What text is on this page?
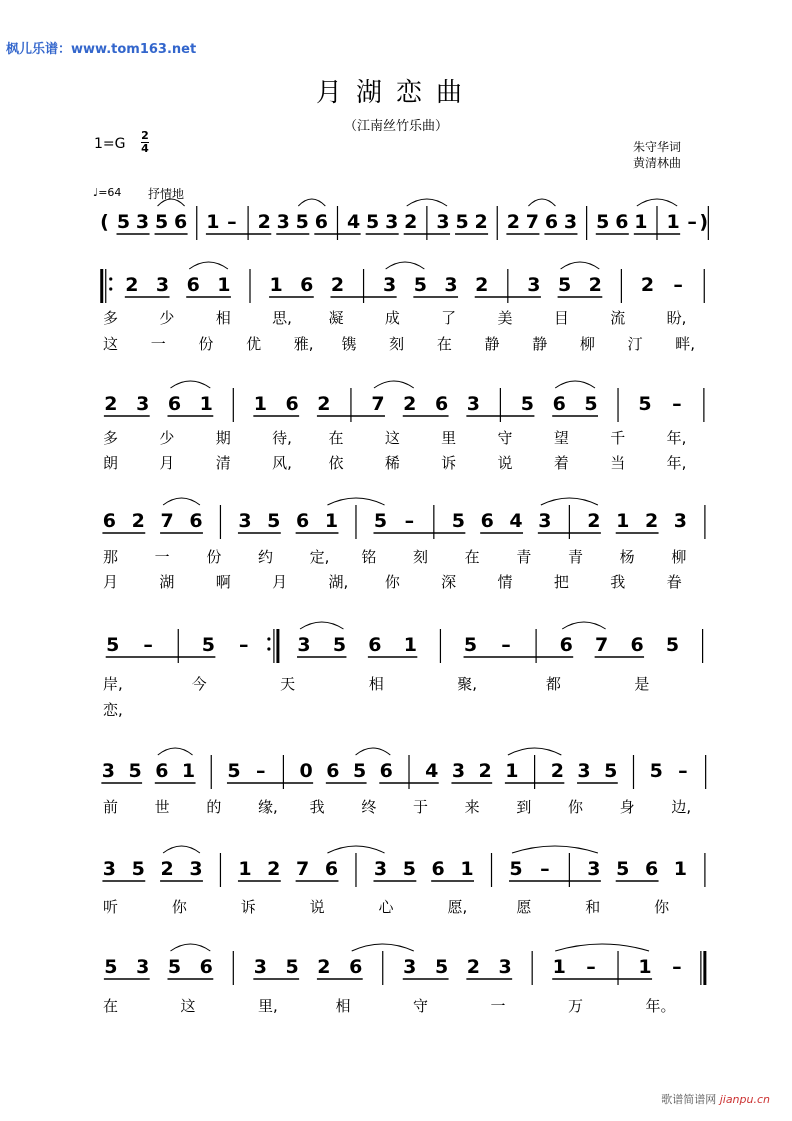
枫儿乐谱：www.tom163.net
月湖恋曲
（江南丝竹乐曲）
1=G
2
4	朱守华词
黄清林曲
♩=64 抒情地
( 5 3 5 6 1 – 2 3 5 6 4 5 3 2 3 5 2 2 7 6 3 5 6 1 1 – )
2 3 6 1 1 6 2 3 5 3 2 3 5 2 2 –
多	少	相	思, 凝	成	了	美	目	流	盼,
这 一 份 优 雅, 镌 刻 在 静 静 柳 汀 畔,
2 3 6 1 1 6 2 7 2 6 3 5 6 5 5 –
多	少	期	待, 在	这	里	守	望	千	年,
朗	月	清	风, 依	稀	诉	说	着	当	年,
6 2 7 6 3 5 6 1 5 – 5 6 4 3 2 1 2 3
那 一 份 约 定, 铭 刻 在 青 青 杨 柳
月	湖	啊	月	湖, 你	深	情	把	我	眷
5 –	5 –	3 5 6 1 5 –	6 7 6 5
岸,	今	天	相	聚,	都	是
恋,
3 5 6 1 5 – 0 6 5 6 4 3 2 1 2 3 5 5 –
前 世 的 缘, 我 终 于 来 到 你 身 边,
3 5 2 3 1 2 7 6 3 5 6 1 5 – 3 5 6 1
听	你	诉	说	心	愿,	愿	和	你
5 3 5 6 3 5 2 6 3 5 2 3 1 – 1 –
在	这	里,	相	守	一	万	年。
歌谱简谱网 jianpu.cn
